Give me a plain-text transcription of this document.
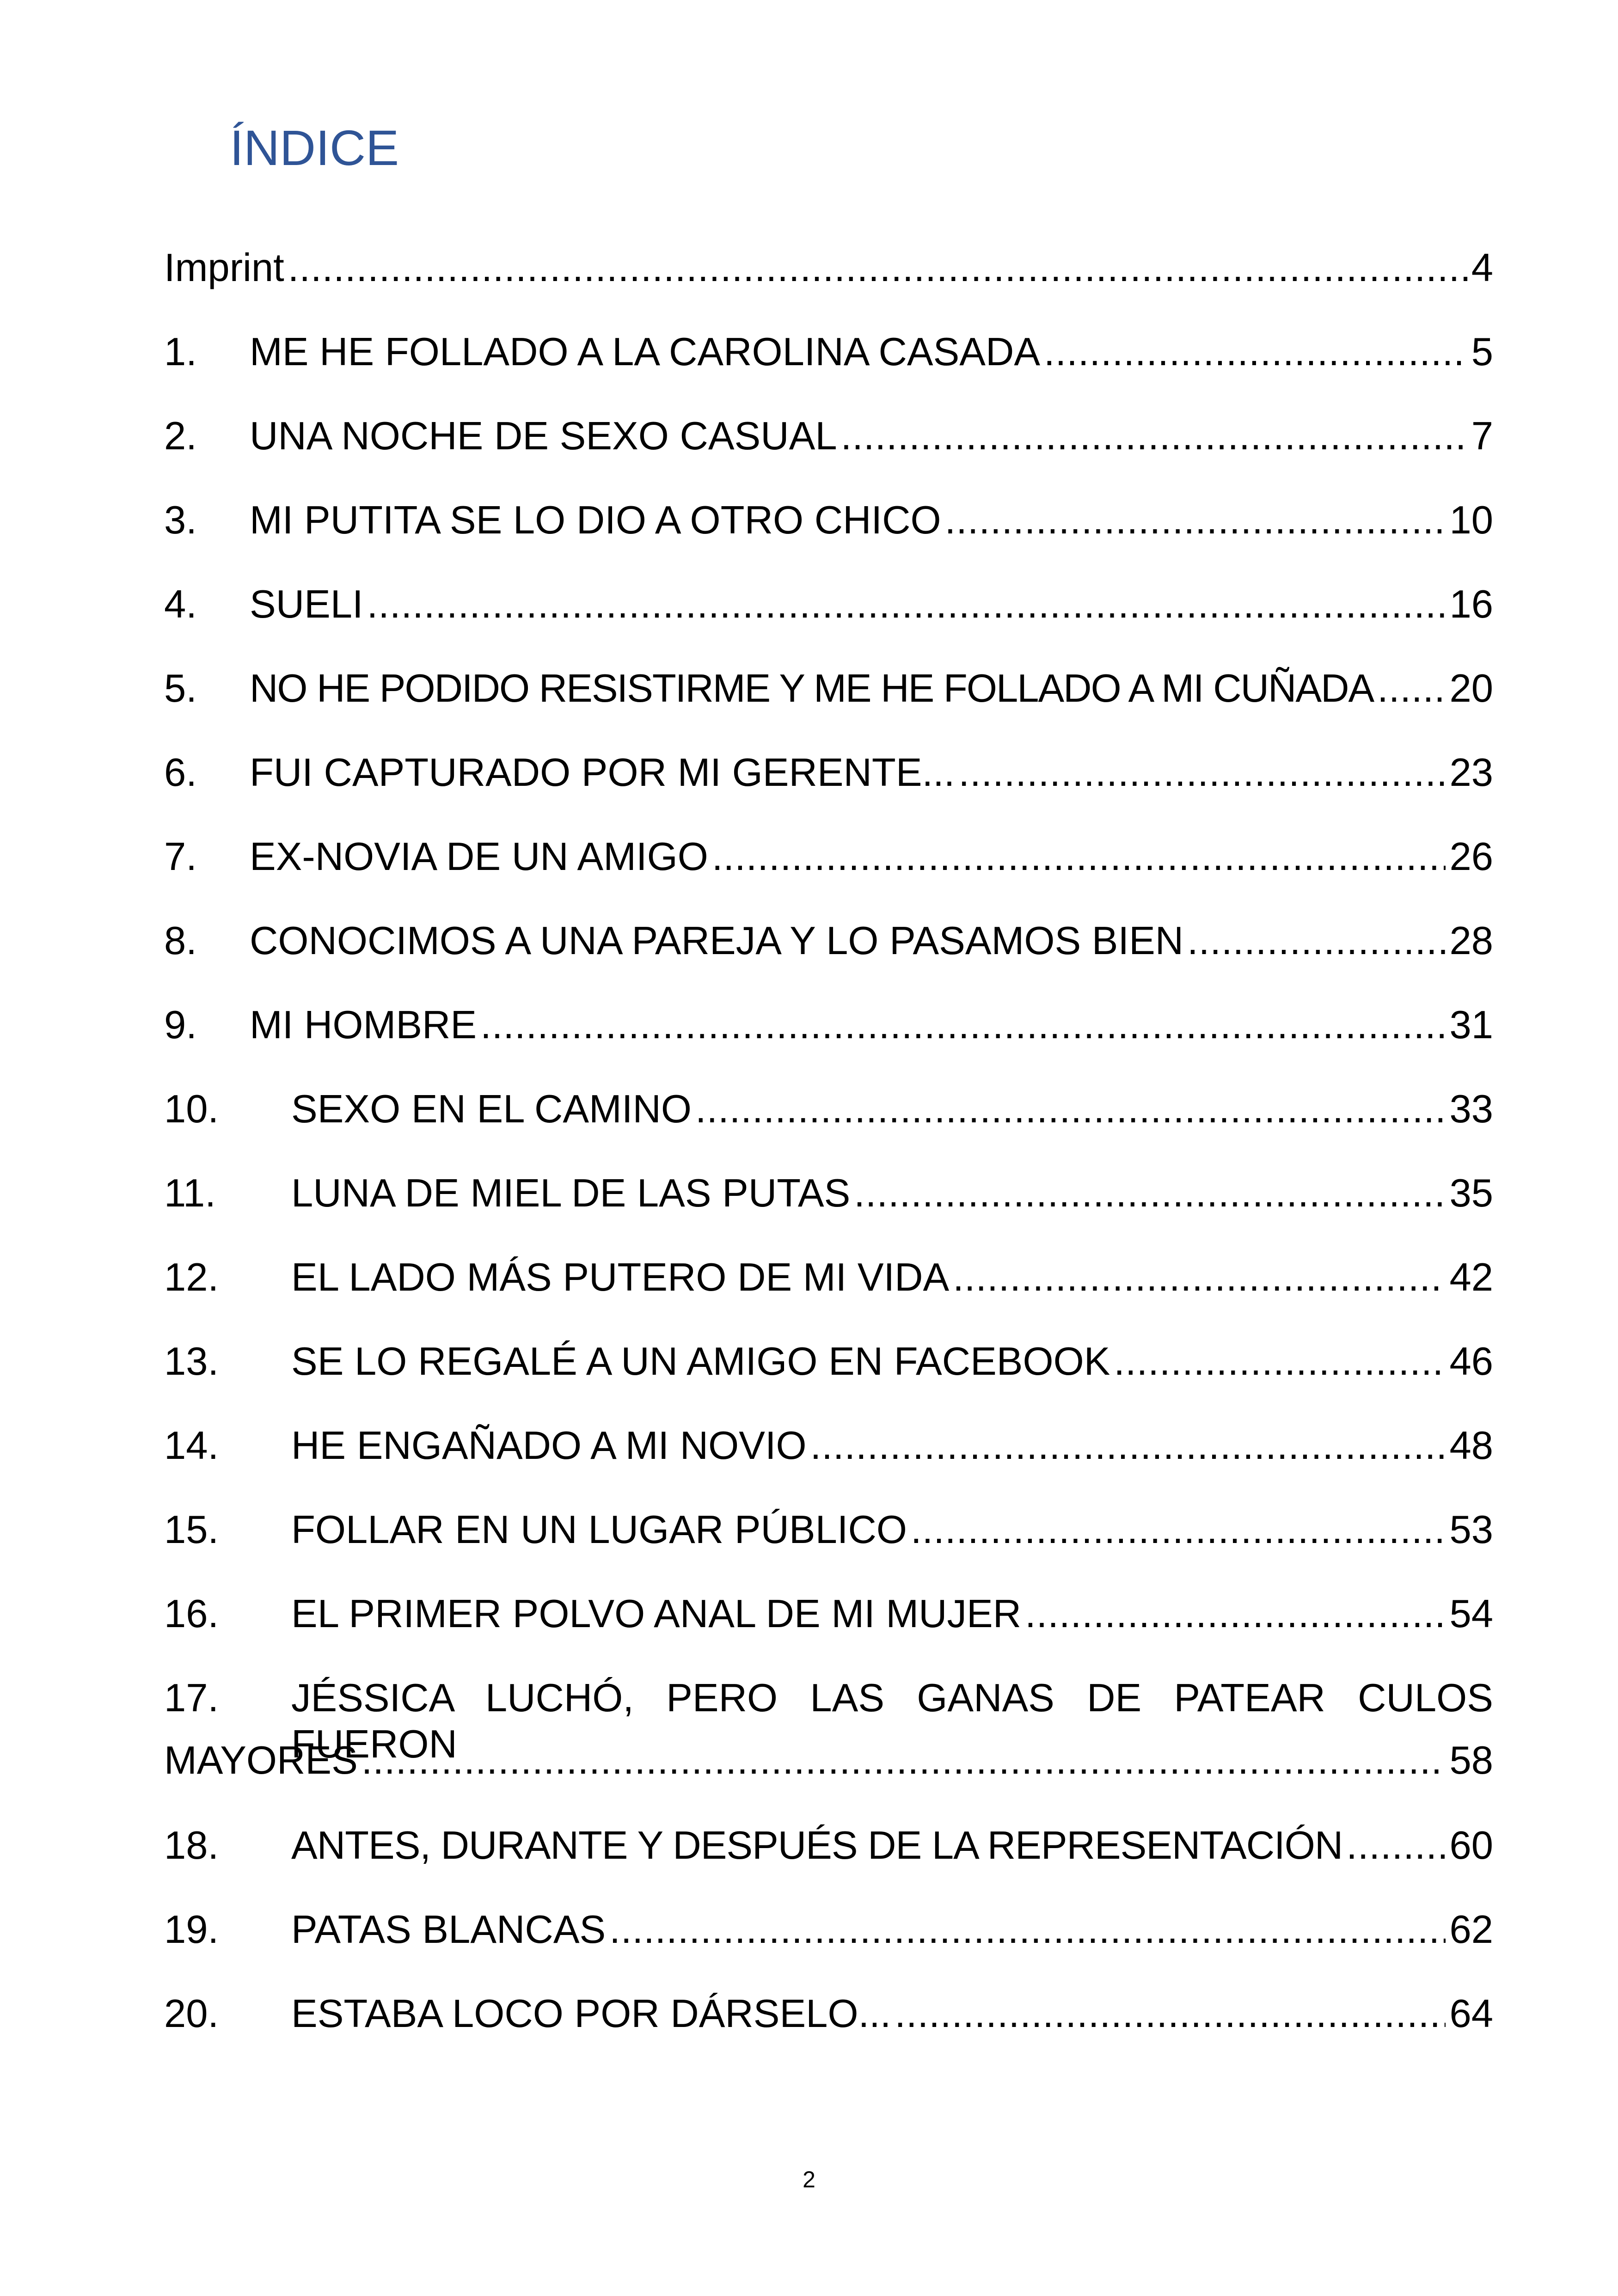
ÍNDICE
Imprint .....	4
1.	ME HE FOLLADO A LA CAROLINA CASADA .....	5
2.	UNA NOCHE DE SEXO CASUAL .....	7
3.	MI PUTITA SE LO DIO A OTRO CHICO .....	10
4.	SUELI .....	16
5.	NO HE PODIDO RESISTIRME Y ME HE FOLLADO A MI CUÑADA ..... 20
6.	FUI CAPTURADO POR MI GERENTE... .....	23
7.	EX-NOVIA DE UN AMIGO .....	26
8.	CONOCIMOS A UNA PAREJA Y LO PASAMOS BIEN .....	28
9.	MI HOMBRE .....	31
10.	SEXO EN EL CAMINO .....	33
11.	LUNA DE MIEL DE LAS PUTAS .....	35
12.	EL LADO MÁS PUTERO DE MI VIDA .....	42
13.	SE LO REGALÉ A UN AMIGO EN FACEBOOK .....	46
14.	HE ENGAÑADO A MI NOVIO .....	48
15.	FOLLAR EN UN LUGAR PÚBLICO .....	53
16.	EL PRIMER POLVO ANAL DE MI MUJER .....	54
17.	JÉSSICA LUCHÓ, PERO LAS GANAS DE PATEAR CULOS FUERON
MAYORES .....	58
18.	ANTES, DURANTE Y DESPUÉS DE LA REPRESENTACIÓN .....	60
19.	PATAS BLANCAS .....	62
20.	ESTABA LOCO POR DÁRSELO... .....	64
2
